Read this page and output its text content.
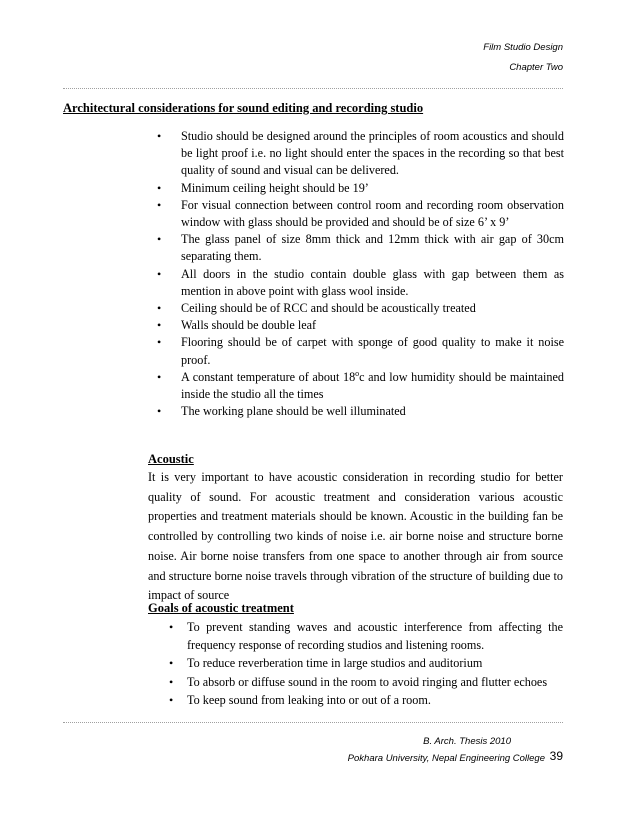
Film Studio Design
Chapter Two
Architectural considerations for sound editing and recording studio
• Studio should be designed around the principles of room acoustics and should be light proof i.e. no light should enter the spaces in the recording so that best quality of sound and visual can be delivered.
• Minimum ceiling height should be 19’
• For visual connection between control room and recording room observation window with glass should be provided and should be of size 6’ x 9’
• The glass panel of size 8mm thick and 12mm thick with air gap of 30cm separating them.
• All doors in the studio contain double glass with gap between them as mention in above point with glass wool inside.
• Ceiling should be of RCC and should be acoustically treated
• Walls should be double leaf
• Flooring should be of carpet with sponge of good quality to make it noise proof.
• A constant temperature of about 18$^o$c and low humidity should be maintained inside the studio all the times
• The working plane should be well illuminated
Acoustic

It is very important to have acoustic consideration in recording studio for better quality of sound. For acoustic treatment and consideration various acoustic properties and treatment materials should be known. Acoustic in the building fan be controlled by controlling two kinds of noise i.e. air borne noise and structure borne noise. Air borne noise transfers from one space to another through air from source and structure borne noise travels through vibration of the structure of building due to impact of source

Goals of acoustic treatment
• To prevent standing waves and acoustic interference from affecting the frequency response of recording studios and listening rooms.
• To reduce reverberation time in large studios and auditorium
• To absorb or diffuse sound in the room to avoid ringing and flutter echoes
• To keep sound from leaking into or out of a room.
B. Arch. Thesis 2010
Pokhara University, Nepal Engineering College 39
